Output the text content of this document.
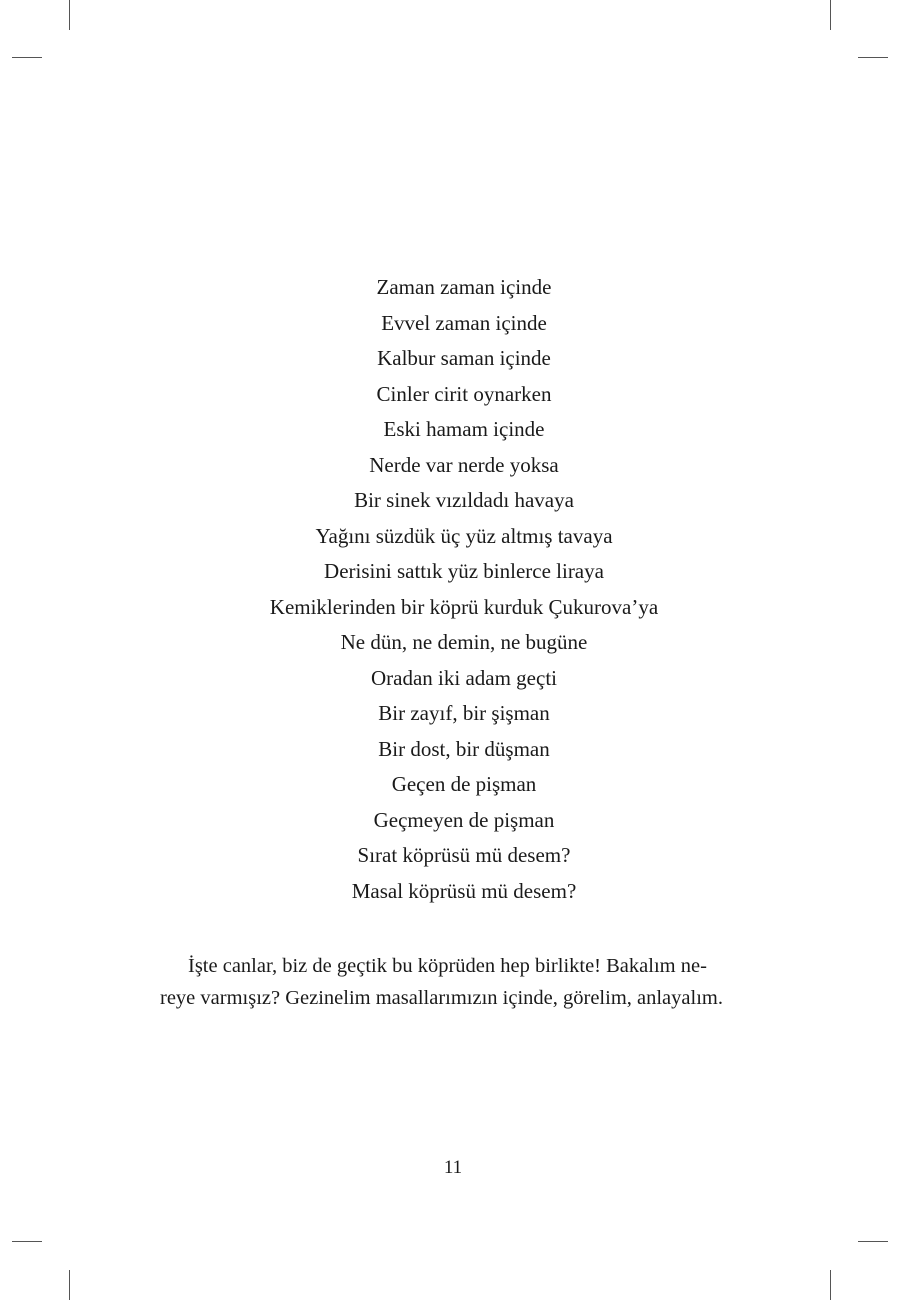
Zaman zaman içinde
Evvel zaman içinde
Kalbur saman içinde
Cinler cirit oynarken
Eski hamam içinde
Nerde var nerde yoksa
Bir sinek vızıldadı havaya
Yağını süzdük üç yüz altmış tavaya
Derisini sattık yüz binlerce liraya
Kemiklerinden bir köprü kurduk Çukurova’ya
Ne dün, ne demin, ne bugüne
Oradan iki adam geçti
Bir zayıf, bir şişman
Bir dost, bir düşman
Geçen de pişman
Geçmeyen de pişman
Sırat köprüsü mü desem?
Masal köprüsü mü desem?

İşte canlar, biz de geçtik bu köprüden hep birlikte! Bakalım ne-
reye varmışız? Gezinelim masallarımızın içinde, görelim, anlayalım.

11
